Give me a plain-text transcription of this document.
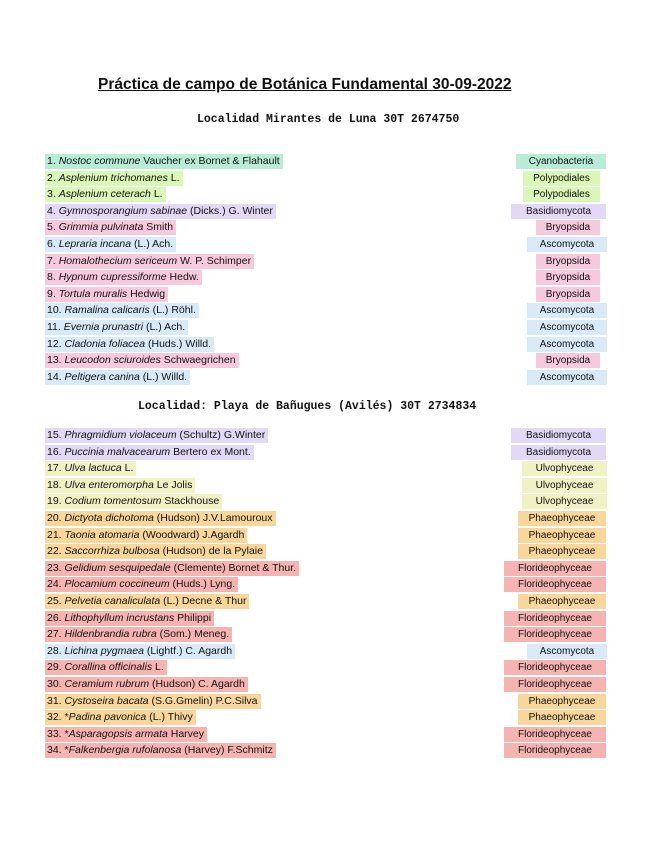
Práctica de campo de Botánica Fundamental 30-09-2022
Localidad Mirantes de Luna 30T 2674750
1. Nostoc commune Vaucher ex Bornet & Flahault	Cyanobacteria
2. Asplenium trichomanes L.	Polypodiales
3. Asplenium ceterach L.	Polypodiales
4. Gymnosporangium sabinae (Dicks.) G. Winter	Basidiomycota
5. Grimmia pulvinata Smith	Bryopsida
6. Lepraria incana (L.) Ach.	Ascomycota
7. Homalothecium sericeum W. P. Schimper	Bryopsida
8. Hypnum cupressiforme Hedw.	Bryopsida
9. Tortula muralis Hedwig	Bryopsida
10. Ramalina calicaris (L.) Röhl.	Ascomycota
11. Evernia prunastri (L.) Ach.	Ascomycota
12. Cladonia foliacea (Huds.) Willd.	Ascomycota
13. Leucodon sciuroides Schwaegrichen	Bryopsida
14. Peltigera canina (L.) Willd.	Ascomycota
Localidad: Playa de Bañugues (Avilés) 30T 2734834
15. Phragmidium violaceum (Schultz) G.Winter	Basidiomycota
16. Puccinia malvacearum Bertero ex Mont.	Basidiomycota
17. Ulva lactuca L.	Ulvophyceae
18. Ulva enteromorpha Le Jolis	Ulvophyceae
19. Codium tomentosum Stackhouse	Ulvophyceae
20. Dictyota dichotoma (Hudson) J.V.Lamouroux	Phaeophyceae
21. Taonia atomaria (Woodward) J.Agardh	Phaeophyceae
22. Saccorrhiza bulbosa (Hudson) de la Pylaie	Phaeophyceae
23. Gelidium sesquipedale (Clemente) Bornet & Thur.	Florideophyceae
24. Plocamium coccineum (Huds.) Lyng.	Florideophyceae
25. Pelvetia canaliculata (L.) Decne & Thur	Phaeophyceae
26. Lithophyllum incrustans Philippi	Florideophyceae
27. Hildenbrandia rubra (Som.) Meneg.	Florideophyceae
28. Lichina pygmaea (Lightf.) C. Agardh	Ascomycota
29. Corallina officinalis L.	Florideophyceae
30. Ceramium rubrum (Hudson) C. Agardh	Florideophyceae
31. Cystoseira bacata (S.G.Gmelin) P.C.Silva	Phaeophyceae
32. *Padina pavonica (L.) Thivy	Phaeophyceae
33. *Asparagopsis armata Harvey	Florideophyceae
34. *Falkenbergia rufolanosa (Harvey) F.Schmitz	Florideophyceae
